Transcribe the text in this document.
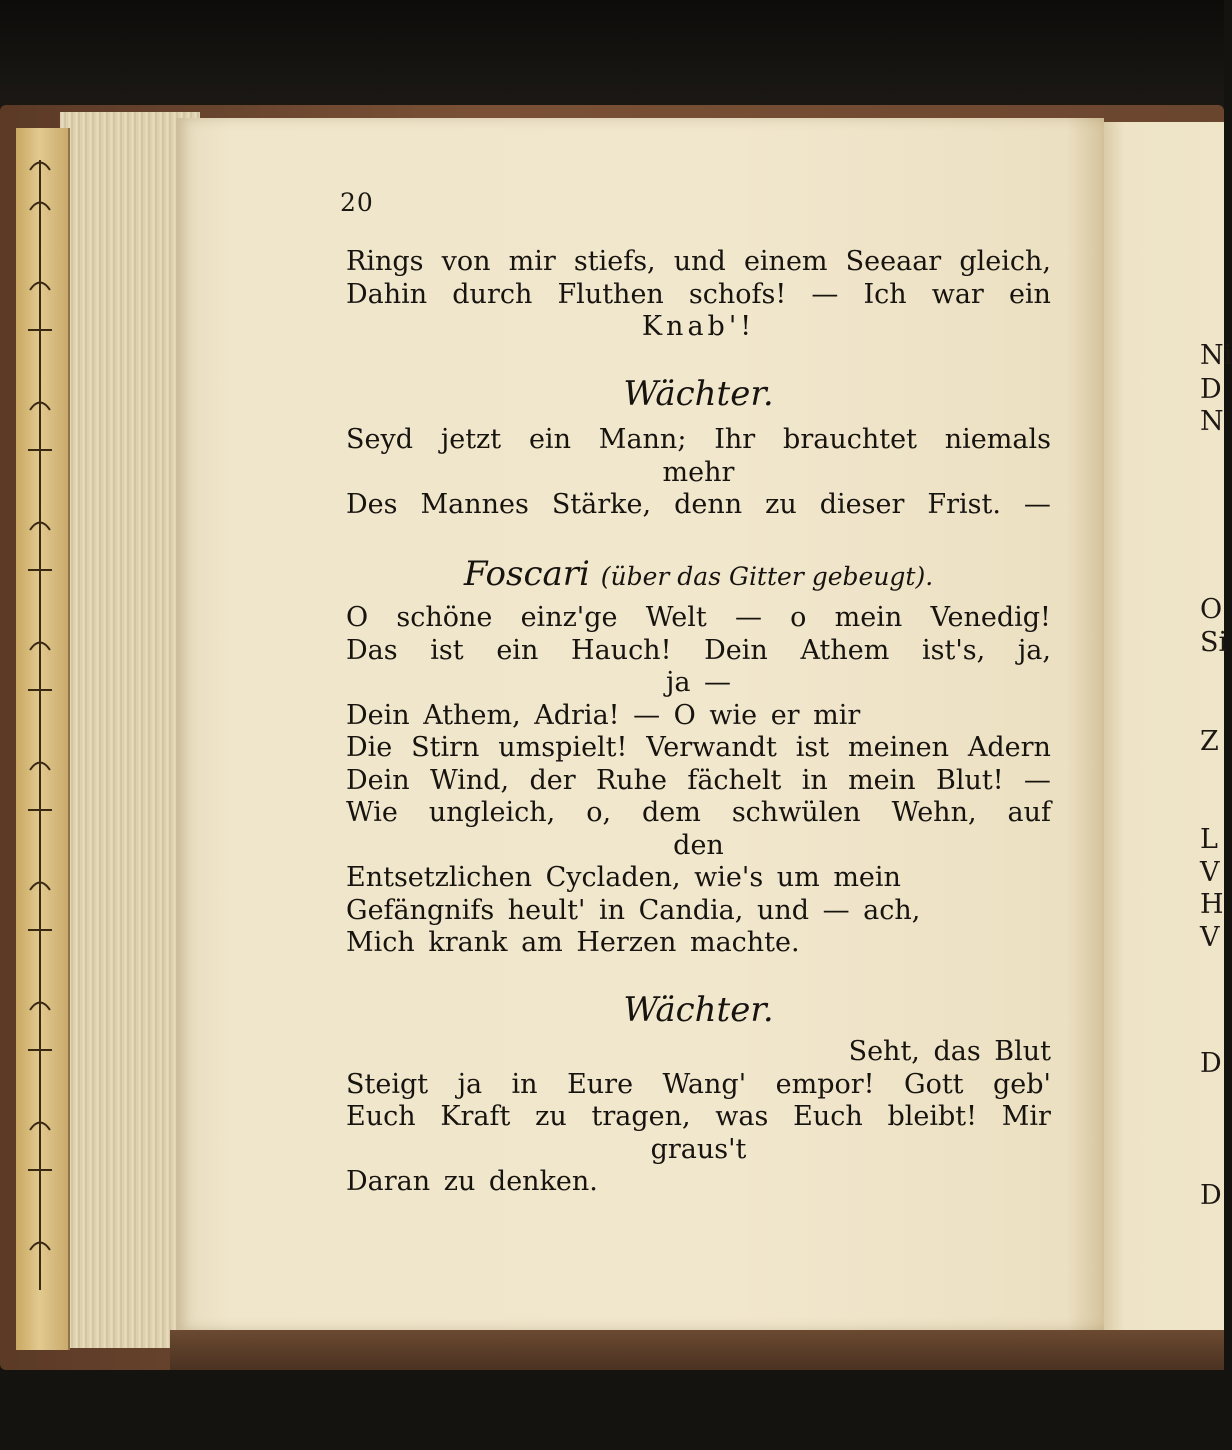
Ni
D
N
O
Si
Z
L
V
H
V
D
D
20
Rings von mir stiefs, und einem Seeaar gleich,
Dahin durch Fluthen schofs! — Ich war ein
Knab'!
Wächter.
Seyd jetzt ein Mann; Ihr brauchtet niemals
mehr
Des Mannes Stärke, denn zu dieser Frist. —
Foscari (über das Gitter gebeugt).
O schöne einz'ge Welt — o mein Venedig!
Das ist ein Hauch! Dein Athem ist's, ja,
ja —
Dein Athem, Adria! — O wie er mir
Die Stirn umspielt! Verwandt ist meinen Adern
Dein Wind, der Ruhe fächelt in mein Blut! —
Wie ungleich, o, dem schwülen Wehn, auf
den
Entsetzlichen Cycladen, wie's um mein
Gefängnifs heult' in Candia, und — ach,
Mich krank am Herzen machte.
Wächter.
Seht, das Blut
Steigt ja in Eure Wang' empor! Gott geb'
Euch Kraft zu tragen, was Euch bleibt! Mir
graus't
Daran zu denken.
